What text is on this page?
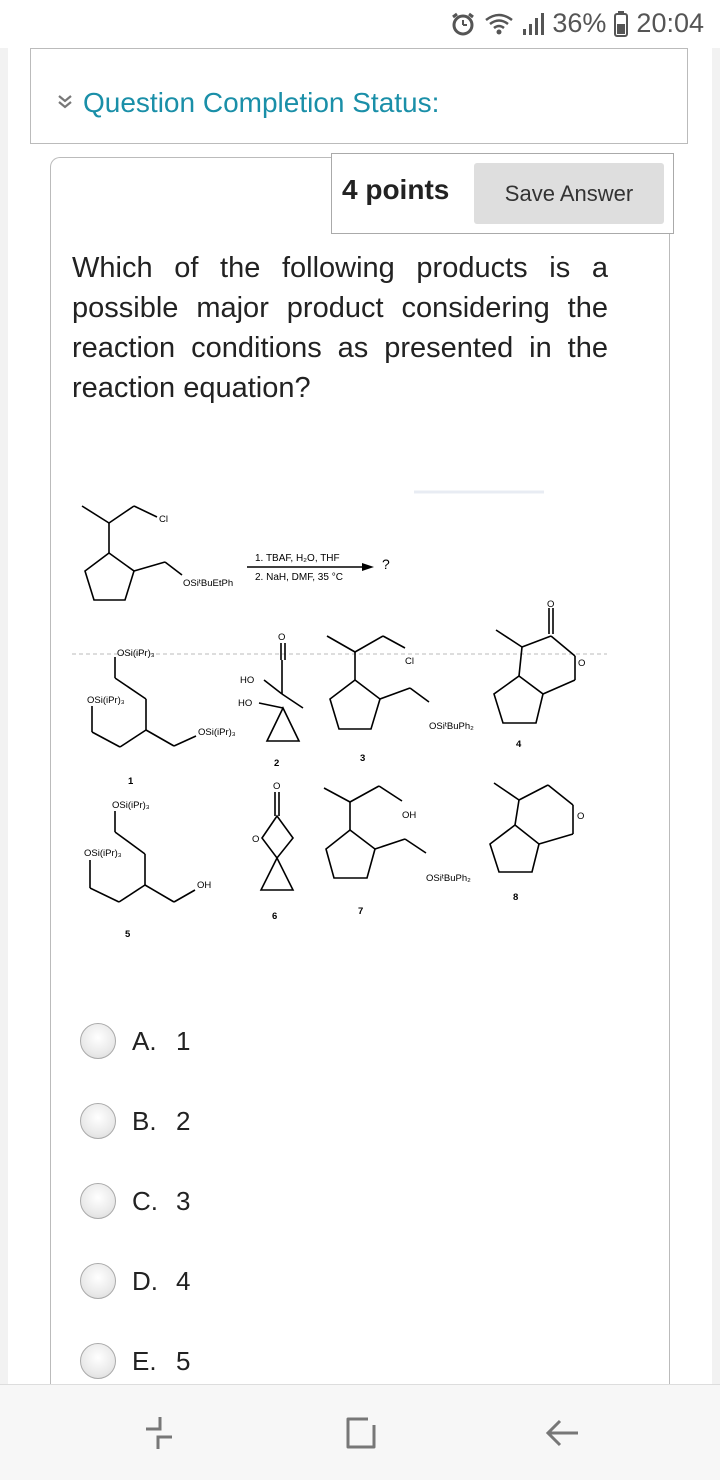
36% 20:04
Question Completion Status:
4 points	Save Answer
Which of the following products is a possible major product considering the reaction conditions as presented in the reaction equation?
Cl
OSiᵗBuEtPh
OSi(iPr)₃
OSi(iPr)₃
OSi(iPr)₃
HO
HO
O
Cl
OSiᵗBuPh₂
O
O
OSi(iPr)₃
OSi(iPr)₃
OH
O
O
OH
OSiᵗBuPh₂
O
1. TBAF, H₂O, THF
2. NaH, DMF, 35 °C
?
1
2	3
4
5
6	7
8
A. 1
B. 2
C. 3
D. 4
E. 5
